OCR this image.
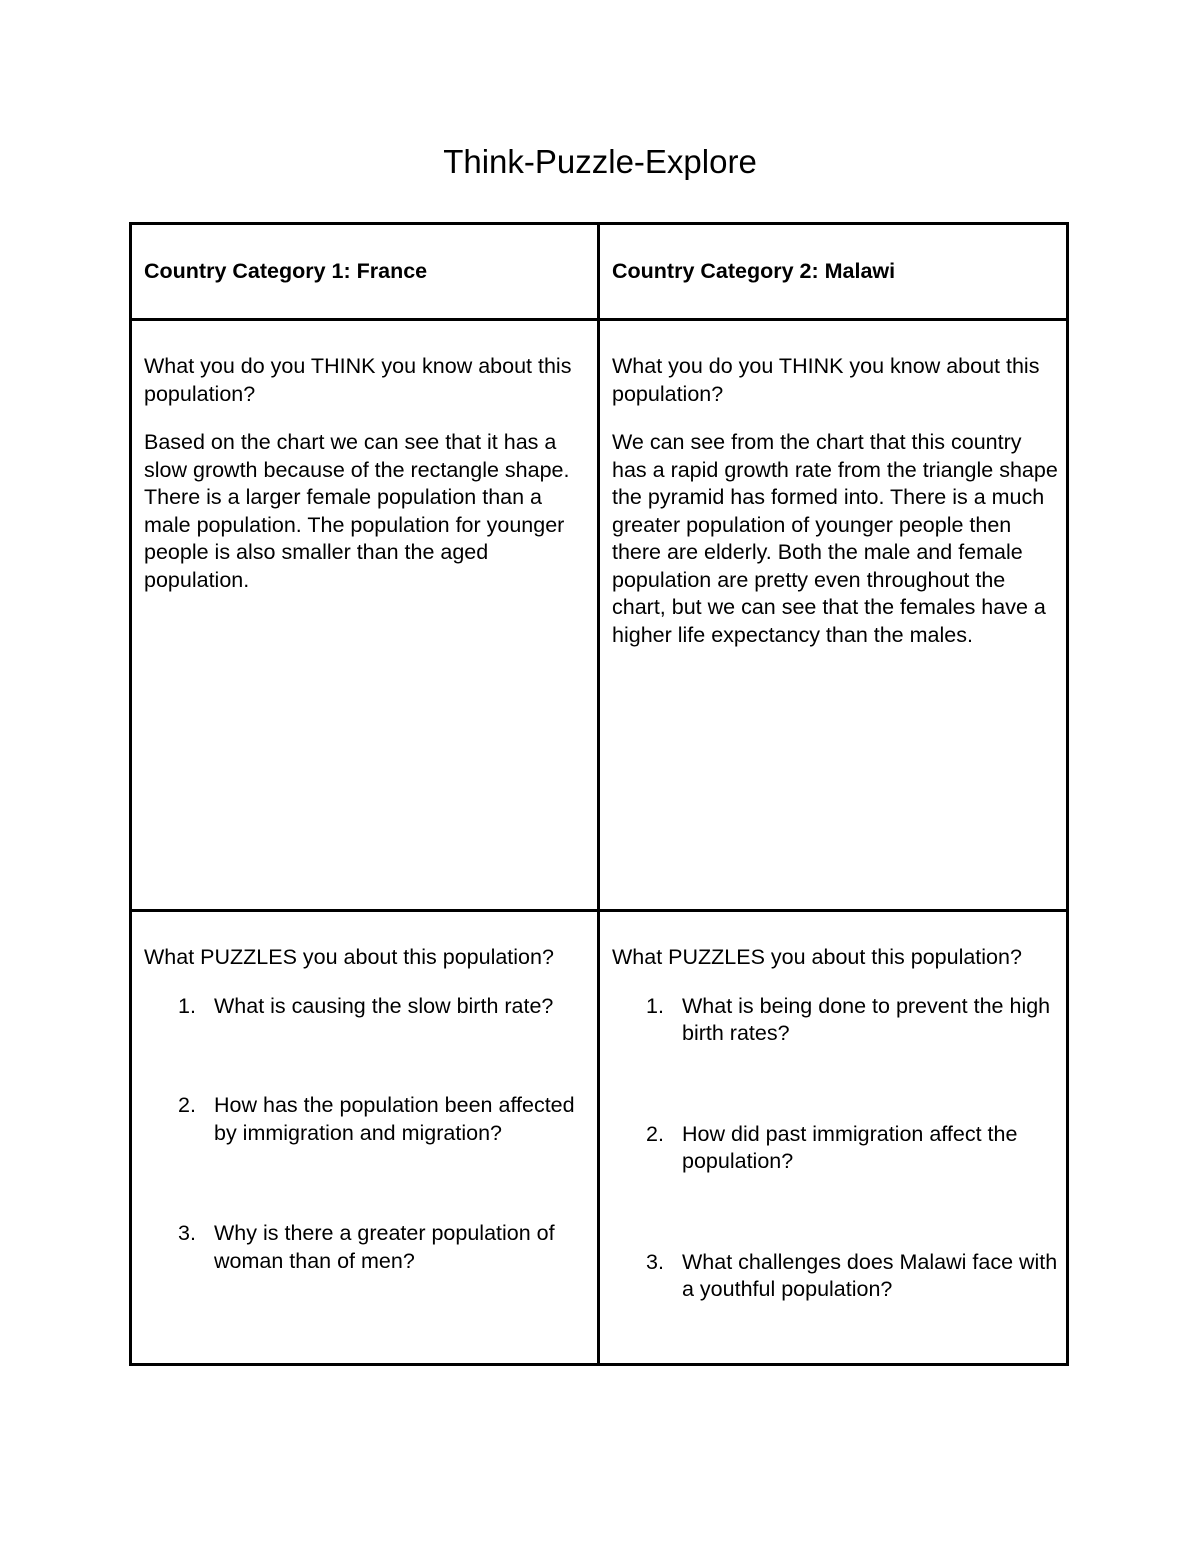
Think-Puzzle-Explore
Country Category 1: France	Country Category 2: Malawi

What you do you THINK you know about this population?

Based on the chart we can see that it has a slow growth because of the rectangle shape. There is a larger female population than a male population. The population for younger people is also smaller than the aged population.

What you do you THINK you know about this population?

We can see from the chart that this country has a rapid growth rate from the triangle shape the pyramid has formed into. There is a much greater population of younger people then there are elderly. Both the male and female population are pretty even throughout the chart, but we can see that the females have a higher life expectancy than the males.

What PUZZLES you about this population?

1. What is causing the slow birth rate?
2. How has the population been affected by immigration and migration?
3. Why is there a greater population of woman than of men?

What PUZZLES you about this population?

1. What is being done to prevent the high birth rates?
2. How did past immigration affect the population?
3. What challenges does Malawi face with a youthful population?
